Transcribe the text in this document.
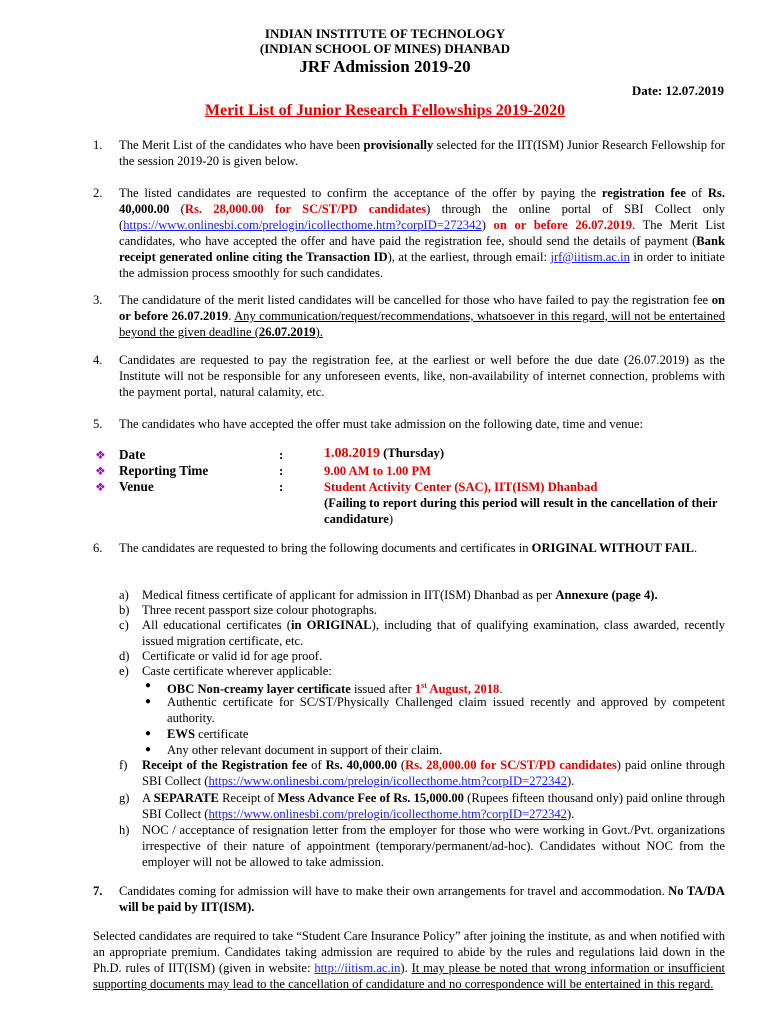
INDIAN INSTITUTE OF TECHNOLOGY
(INDIAN SCHOOL OF MINES) DHANBAD
JRF Admission 2019-20
Date: 12.07.2019
Merit List of Junior Research Fellowships 2019-2020
1.	The Merit List of the candidates who have been provisionally selected for the IIT(ISM) Junior Research Fellowship for the session 2019-20 is given below.
2.	The listed candidates are requested to confirm the acceptance of the offer by paying the registration fee of Rs. 40,000.00 (Rs. 28,000.00 for SC/ST/PD candidates) through the online portal of SBI Collect only (https://www.onlinesbi.com/prelogin/icollecthome.htm?corpID=272342) on or before 26.07.2019. The Merit List candidates, who have accepted the offer and have paid the registration fee, should send the details of payment (Bank receipt generated online citing the Transaction ID), at the earliest, through email: jrf@iitism.ac.in in order to initiate the admission process smoothly for such candidates.
3.	The candidature of the merit listed candidates will be cancelled for those who have failed to pay the registration fee on or before 26.07.2019. Any communication/request/recommendations, whatsoever in this regard, will not be entertained beyond the given deadline (26.07.2019).
4.	Candidates are requested to pay the registration fee, at the earliest or well before the due date (26.07.2019) as the Institute will not be responsible for any unforeseen events, like, non-availability of internet connection, problems with the payment portal, natural calamity, etc.
5.	The candidates who have accepted the offer must take admission on the following date, time and venue:
❖ Date	:	1.08.2019 (Thursday)
❖ Reporting Time	:	9.00 AM to 1.00 PM
❖ Venue	:	Student Activity Center (SAC), IIT(ISM) Dhanbad
(Failing to report during this period will result in the cancellation of their candidature)
6.	The candidates are requested to bring the following documents and certificates in ORIGINAL WITHOUT FAIL.
a)	Medical fitness certificate of applicant for admission in IIT(ISM) Dhanbad as per Annexure (page 4).
b) Three recent passport size colour photographs.
c)	All educational certificates (in ORIGINAL), including that of qualifying examination, class awarded, recently issued migration certificate, etc.
d) Certificate or valid id for age proof.
e)	Caste certificate wherever applicable:
● OBC Non-creamy layer certificate issued after 1st August, 2018.
● Authentic certificate for SC/ST/Physically Challenged claim issued recently and approved by competent authority.
● EWS certificate
● Any other relevant document in support of their claim.
f)	Receipt of the Registration fee of Rs. 40,000.00 (Rs. 28,000.00 for SC/ST/PD candidates) paid online through SBI Collect (https://www.onlinesbi.com/prelogin/icollecthome.htm?corpID=272342).
g) A SEPARATE Receipt of Mess Advance Fee of Rs. 15,000.00 (Rupees fifteen thousand only) paid online through SBI Collect (https://www.onlinesbi.com/prelogin/icollecthome.htm?corpID=272342).
h) NOC / acceptance of resignation letter from the employer for those who were working in Govt./Pvt. organizations irrespective of their nature of appointment (temporary/permanent/ad-hoc). Candidates without NOC from the employer will not be allowed to take admission.
7.	Candidates coming for admission will have to make their own arrangements for travel and accommodation. No TA/DA will be paid by IIT(ISM).
Selected candidates are required to take “Student Care Insurance Policy” after joining the institute, as and when notified with an appropriate premium. Candidates taking admission are required to abide by the rules and regulations laid down in the Ph.D. rules of IIT(ISM) (given in website: http://iitism.ac.in). It may please be noted that wrong information or insufficient supporting documents may lead to the cancellation of candidature and no correspondence will be entertained in this regard.
